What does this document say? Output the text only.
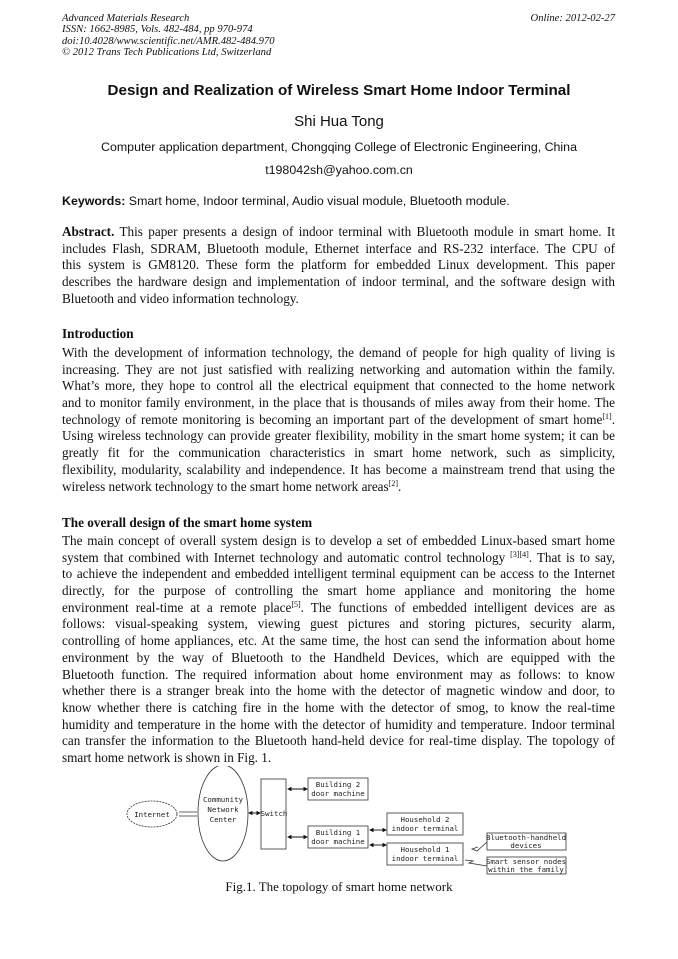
Advanced Materials Research
ISSN: 1662-8985, Vols. 482-484, pp 970-974
doi:10.4028/www.scientific.net/AMR.482-484.970
© 2012 Trans Tech Publications Ltd, Switzerland
Online: 2012-02-27
Design and Realization of Wireless Smart Home Indoor Terminal
Shi Hua Tong
Computer application department, Chongqing College of Electronic Engineering, China
t198042sh@yahoo.com.cn
Keywords: Smart home, Indoor terminal, Audio visual module, Bluetooth module.
Abstract. This paper presents a design of indoor terminal with Bluetooth module in smart home. It
includes Flash, SDRAM, Bluetooth module, Ethernet interface and RS-232 interface. The CPU of
this system is GM8120. These form the platform for embedded Linux development. This paper
describes the hardware design and implementation of indoor terminal, and the software design with
Bluetooth and video information technology.
Introduction
With the development of information technology, the demand of people for high quality of living is
increasing. They are not just satisfied with realizing networking and automation within the family.
What’s more, they hope to control all the electrical equipment that connected to the home network
and to monitor family environment, in the place that is thousands of miles away from their home. The
technology of remote monitoring is becoming an important part of the development of smart home[1].
Using wireless technology can provide greater flexibility, mobility in the smart home system; it can be
greatly fit for the communication characteristics in smart home network, such as simplicity,
flexibility, modularity, scalability and independence. It has become a mainstream trend that using the
wireless network technology to the smart home network areas[2].
The overall design of the smart home system
The main concept of overall system design is to develop a set of embedded Linux-based smart home
system that combined with Internet technology and automatic control technology [3][4]. That is to say,
to achieve the independent and embedded intelligent terminal equipment can be access to the Internet
directly, for the purpose of controlling the smart home appliance and monitoring the home
environment real-time at a remote place[5]. The functions of embedded intelligent devices are as
follows: visual-speaking system, viewing guest pictures and storing pictures, security alarm,
controlling of home appliances, etc. At the same time, the host can send the information about home
environment by the way of Bluetooth to the Handheld Devices, which are equipped with the
Bluetooth function. The required information about home environment may as follows: to know
whether there is a stranger break into the home with the detector of magnetic window and door, to
know whether there is catching fire in the home with the detector of smog, to know the real-time
humidity and temperature in the home with the detector of humidity and temperature. Indoor terminal
can transfer the information to the Bluetooth hand-held device for real-time display. The topology of
smart home network is shown in Fig. 1.
Internet
Community
Network
Center
Switch
Building 2
door machine
Building 1
door machine
Household 2
indoor terminal
Household 1
indoor terminal
Bluetooth-handheld
devices
Smart sensor nodes
within the family
Fig.1. The topology of smart home network
